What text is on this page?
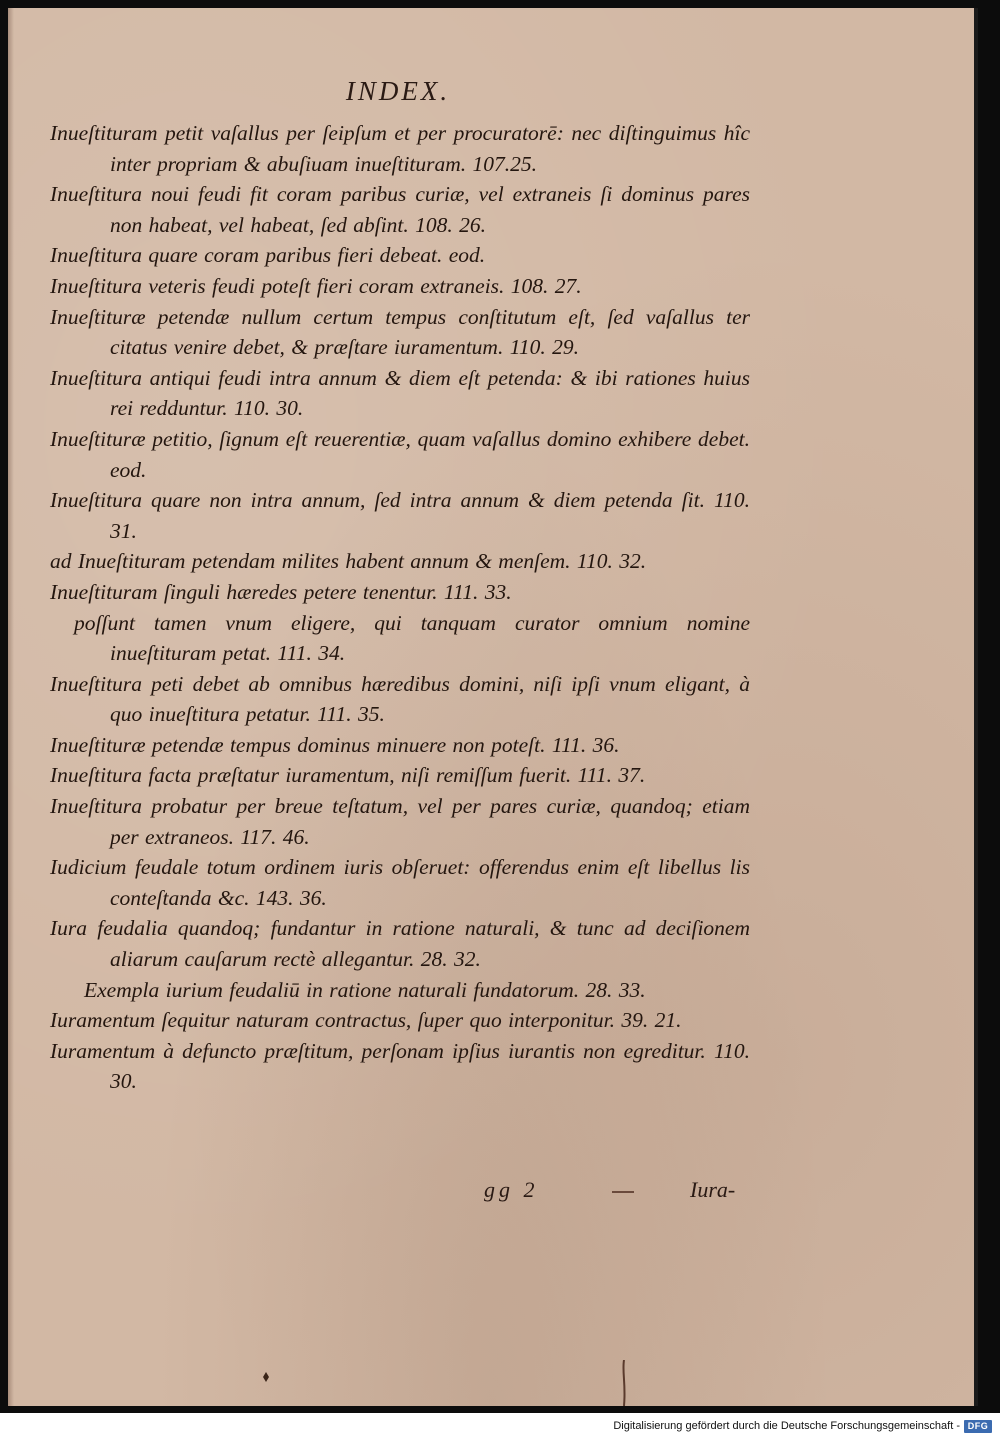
INDEX.
Inueſtituram petit vaſallus per ſeipſum et per procuratorē: nec diſtinguimus hîc inter propriam & abuſiuam inueſtituram. 107.25.
Inueſtitura noui feudi fit coram paribus curiæ, vel extraneis ſi dominus pares non habeat, vel habeat, ſed abſint. 108. 26.
Inueſtitura quare coram paribus fieri debeat. eod.
Inueſtitura veteris feudi poteſt fieri coram extraneis. 108. 27.
Inueſtituræ petendæ nullum certum tempus conſtitutum eſt, ſed vaſallus ter citatus venire debet, & præſtare iuramentum. 110. 29.
Inueſtitura antiqui feudi intra annum & diem eſt petenda: & ibi rationes huius rei redduntur. 110. 30.
Inueſtituræ petitio, ſignum eſt reuerentiæ, quam vaſallus domino exhibere debet. eod.
Inueſtitura quare non intra annum, ſed intra annum & diem petenda ſit. 110. 31.
ad Inueſtituram petendam milites habent annum & menſem. 110. 32.
Inueſtituram ſinguli hæredes petere tenentur. 111. 33.
poſſunt tamen vnum eligere, qui tanquam curator omnium nomine inueſtituram petat. 111. 34.
Inueſtitura peti debet ab omnibus hæredibus domini, niſi ipſi vnum eligant, à quo inueſtitura petatur. 111. 35.
Inueſtituræ petendæ tempus dominus minuere non poteſt. 111. 36.
Inueſtitura facta præſtatur iuramentum, niſi remiſſum fuerit. 111. 37.
Inueſtitura probatur per breue teſtatum, vel per pares curiæ, quandoq; etiam per extraneos. 117. 46.
Iudicium feudale totum ordinem iuris obſeruet: offerendus enim eſt libellus lis conteſtanda &c. 143. 36.
Iura feudalia quandoq; fundantur in ratione naturali, & tunc ad deciſionem aliarum cauſarum rectè allegantur. 28. 32.
Exempla iurium feudaliū in ratione naturali fundatorum. 28. 33.
Iuramentum ſequitur naturam contractus, ſuper quo interponitur. 39. 21.
Iuramentum à defuncto præſtitum, perſonam ipſius iurantis non egreditur. 110. 30.
gg 2	Iura-
Digitalisierung gefördert durch die Deutsche Forschungsgemeinschaft - DFG
